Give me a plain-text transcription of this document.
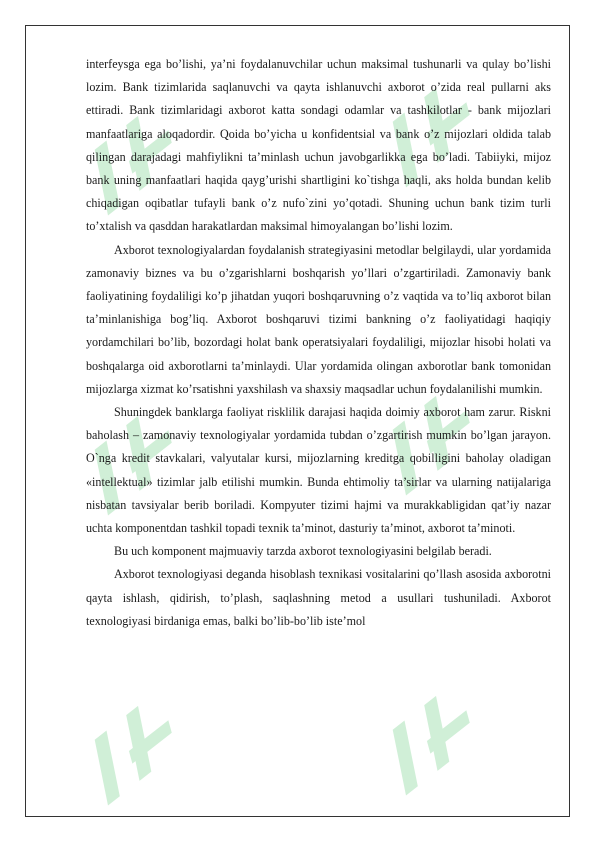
interfeysga ega bo’lishi, ya’ni foydalanuvchilar uchun maksimal tushunarli va qulay bo’lishi lozim. Bank tizimlarida saqlanuvchi va qayta ishlanuvchi axborot o’zida real pullarni aks ettiradi. Bank tizimlaridagi axborot katta sondagi odamlar va tashkilotlar - bank mijozlari manfaatlariga aloqadordir. Qoida bo’yicha u konfidentsial va bank o’z mijozlari oldida talab qilingan darajadagi mahfiylikni ta’minlash uchun javobgarlikka ega bo’ladi. Tabiiyki, mijoz bank uning manfaatlari haqida qayg’urishi shartligini ko`tishga haqli, aks holda bundan kelib chiqadigan oqibatlar tufayli bank o’z nufo`zini yo’qotadi. Shuning uchun bank tizim turli to’xtalish va qasddan harakatlardan maksimal himoyalangan bo’lishi lozim.

Axborot texnologiyalardan foydalanish strategiyasini metodlar belgilaydi, ular yordamida zamonaviy biznes va bu o’zgarishlarni boshqarish yo’llari o’zgartiriladi. Zamonaviy bank faoliyatining foydaliligi ko’p jihatdan yuqori boshqaruvning o’z vaqtida va to’liq axborot bilan ta’minlanishiga bog’liq. Axborot boshqaruvi tizimi bankning o’z faoliyatidagi haqiqiy yordamchilari bo’lib, bozordagi holat bank operatsiyalari foydaliligi, mijozlar hisobi holati va boshqalarga oid axborotlarni ta’minlaydi. Ular yordamida olingan axborotlar bank tomonidan mijozlarga xizmat ko’rsatishni yaxshilash va shaxsiy maqsadlar uchun foydalanilishi mumkin.

Shuningdek banklarga faoliyat risklilik darajasi haqida doimiy axborot ham zarur. Riskni baholash – zamonaviy texnologiyalar yordamida tubdan o’zgartirish mumkin bo’lgan jarayon. O`nga kredit stavkalari, valyutalar kursi, mijozlarning kreditga qobilligini baholay oladigan «intellektual» tizimlar jalb etilishi mumkin. Bunda ehtimoliy ta’sirlar va ularning natijalariga nisbatan tavsiyalar berib boriladi. Kompyuter tizimi hajmi va murakkabligidan qat’iy nazar uchta komponentdan tashkil topadi texnik ta’minot, dasturiy ta’minot, axborot ta’minoti.

Bu uch komponent majmuaviy tarzda axborot texnologiyasini belgilab beradi.

Axborot texnologiyasi deganda hisoblash texnikasi vositalarini qo’llash asosida axborotni qayta ishlash, qidirish, to’plash, saqlashning metod a usullari tushuniladi. Axborot texnologiyasi birdaniga emas, balki bo’lib-bo’lib iste’mol
